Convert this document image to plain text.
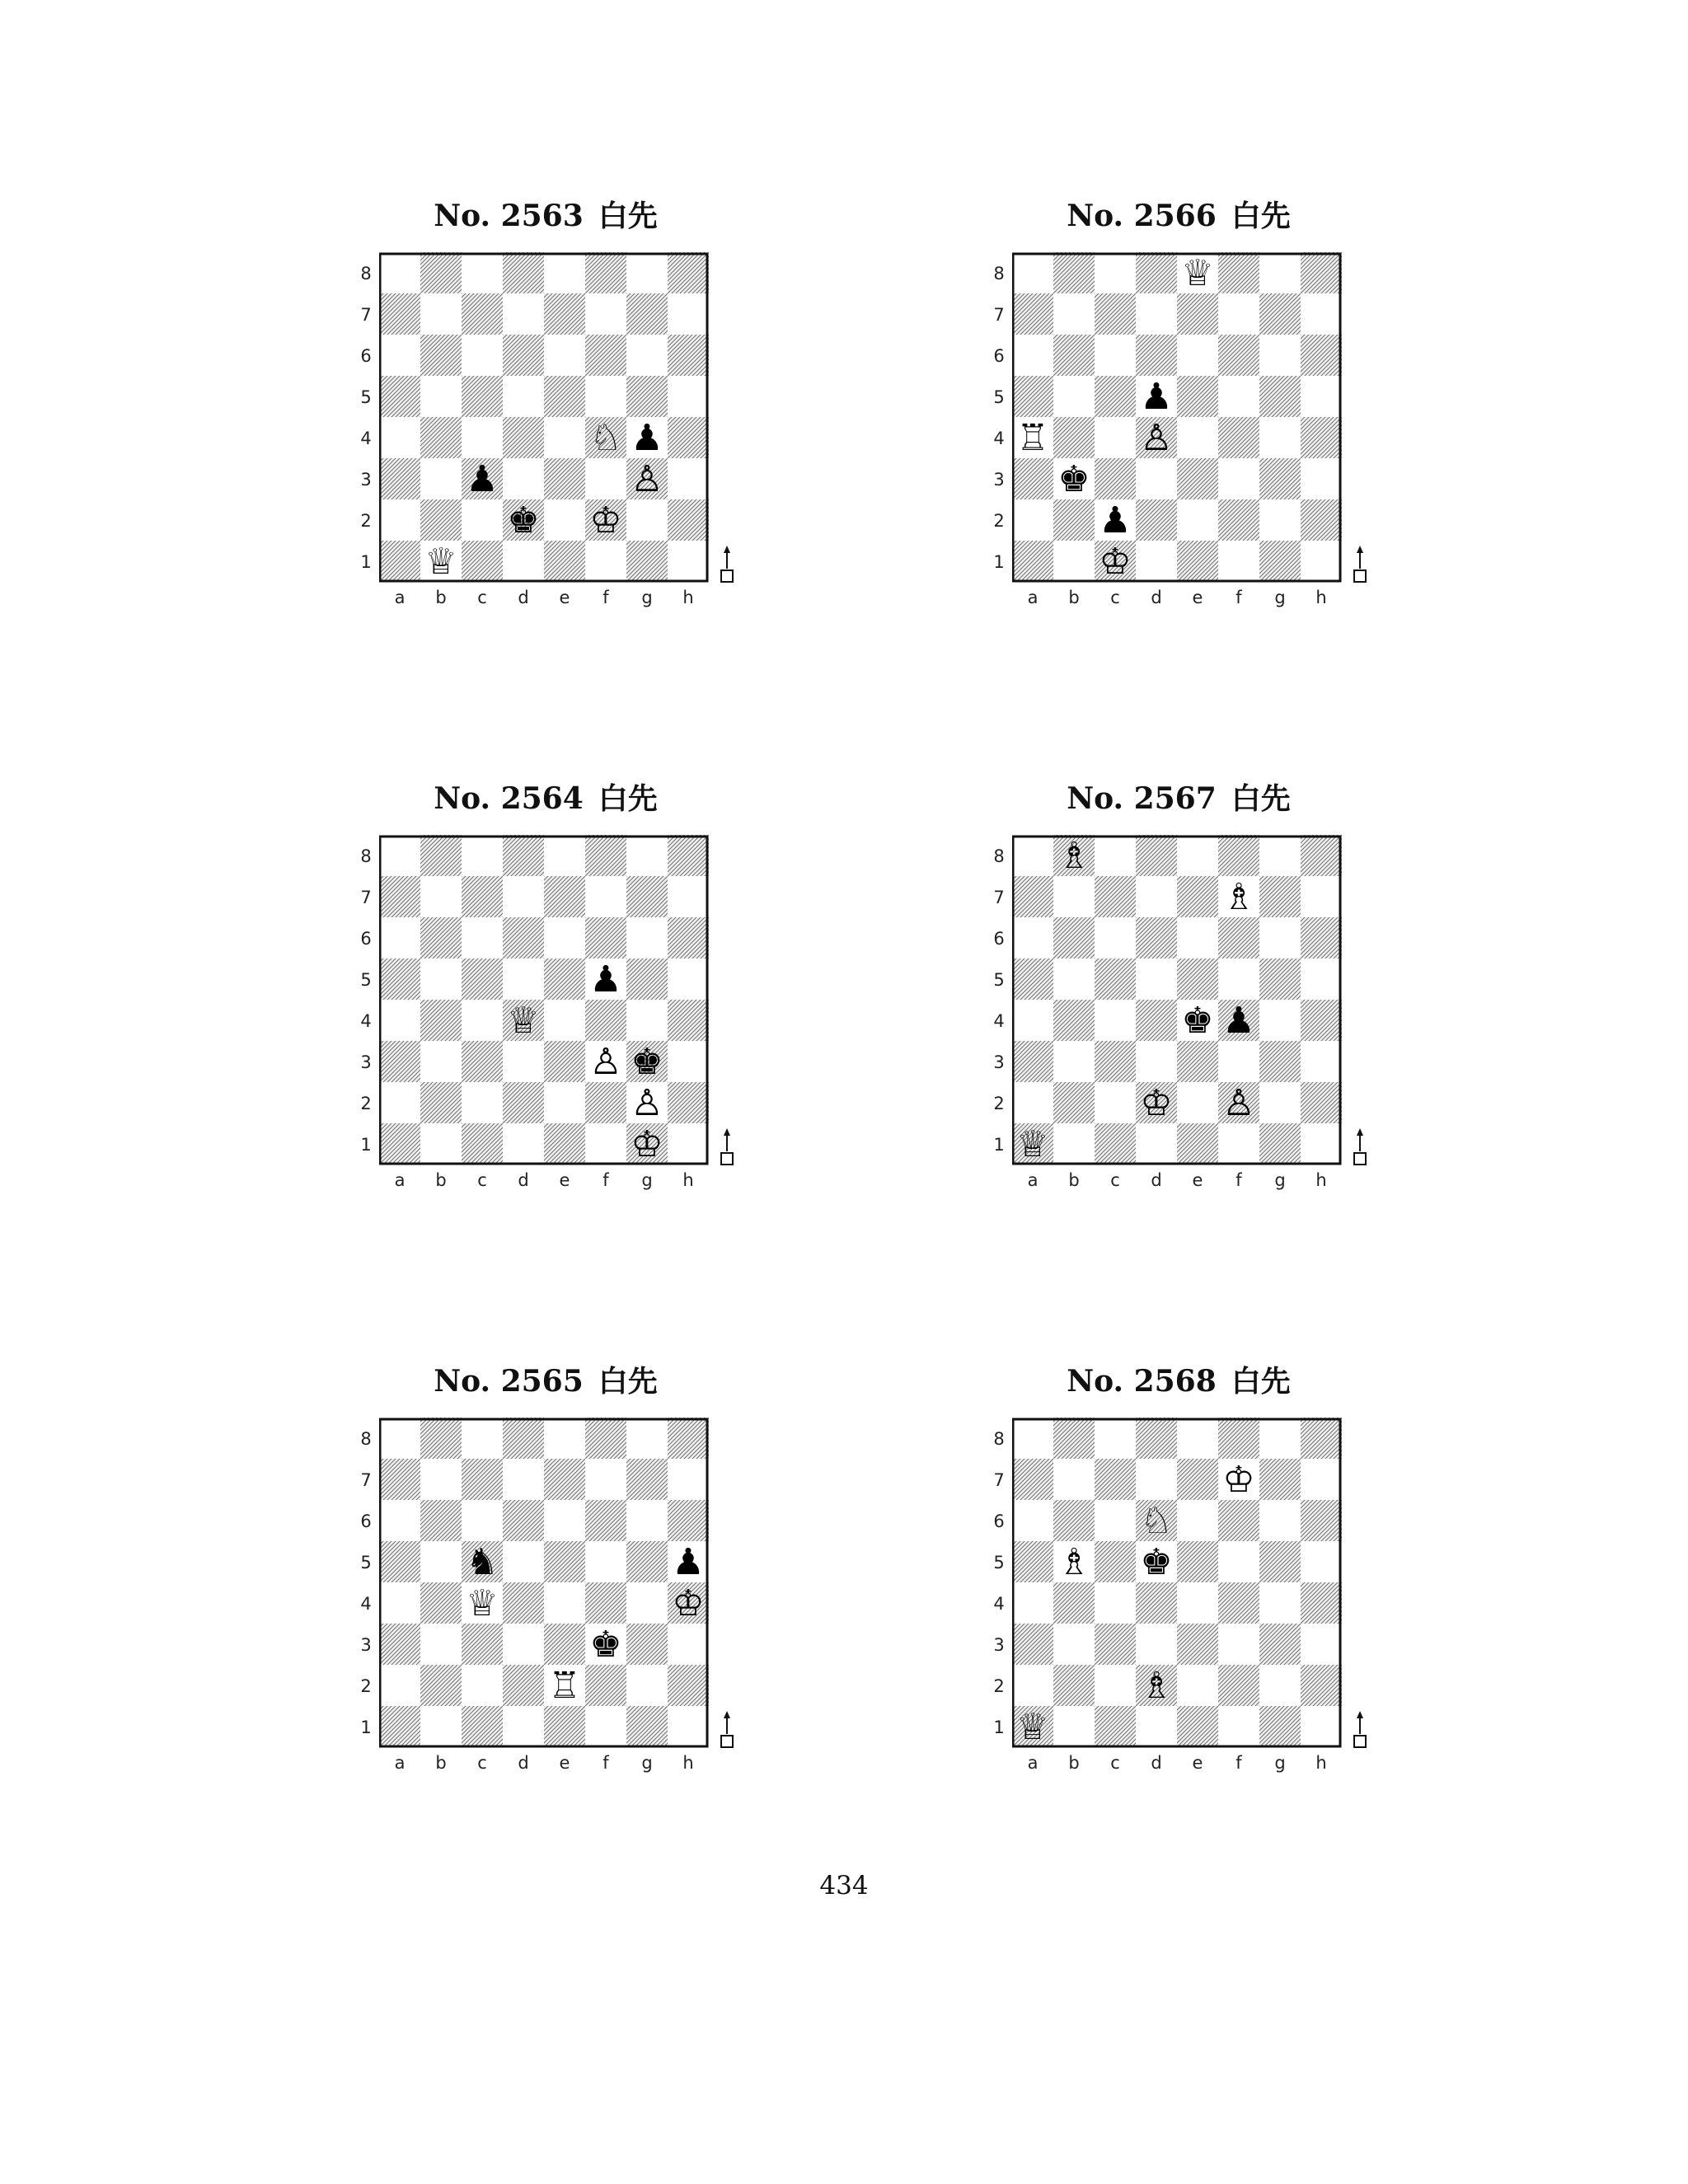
No. 2563 白先
8
7
6
5
4
3
2
1
a b c d e f g h
♘ ♟
♟	♙
♚ ♔
♕
No. 2566 白先
8
7
6
5
4
3
2
1
a b c d e f g h
♕
♟
♖	♙
♚
♟
♔
No. 2564 白先
8
7
6
5
4
3
2
1
a b c d e f g h
♟
♕
♙ ♚
♙
♔
No. 2567 白先
8
7
6
5
4
3
2
1
a b c d e f g h
♗
♗
♚ ♟
♔ ♙
♕
No. 2565 白先
8
7
6
5
4
3
2
1
a b c d e f g h
♞	♟
♕	♔
♚
♖
No. 2568 白先
8
7
6
5
4
3
2
1
a b c d e f g h
♔
♘
♗ ♚
♗
♕
434
